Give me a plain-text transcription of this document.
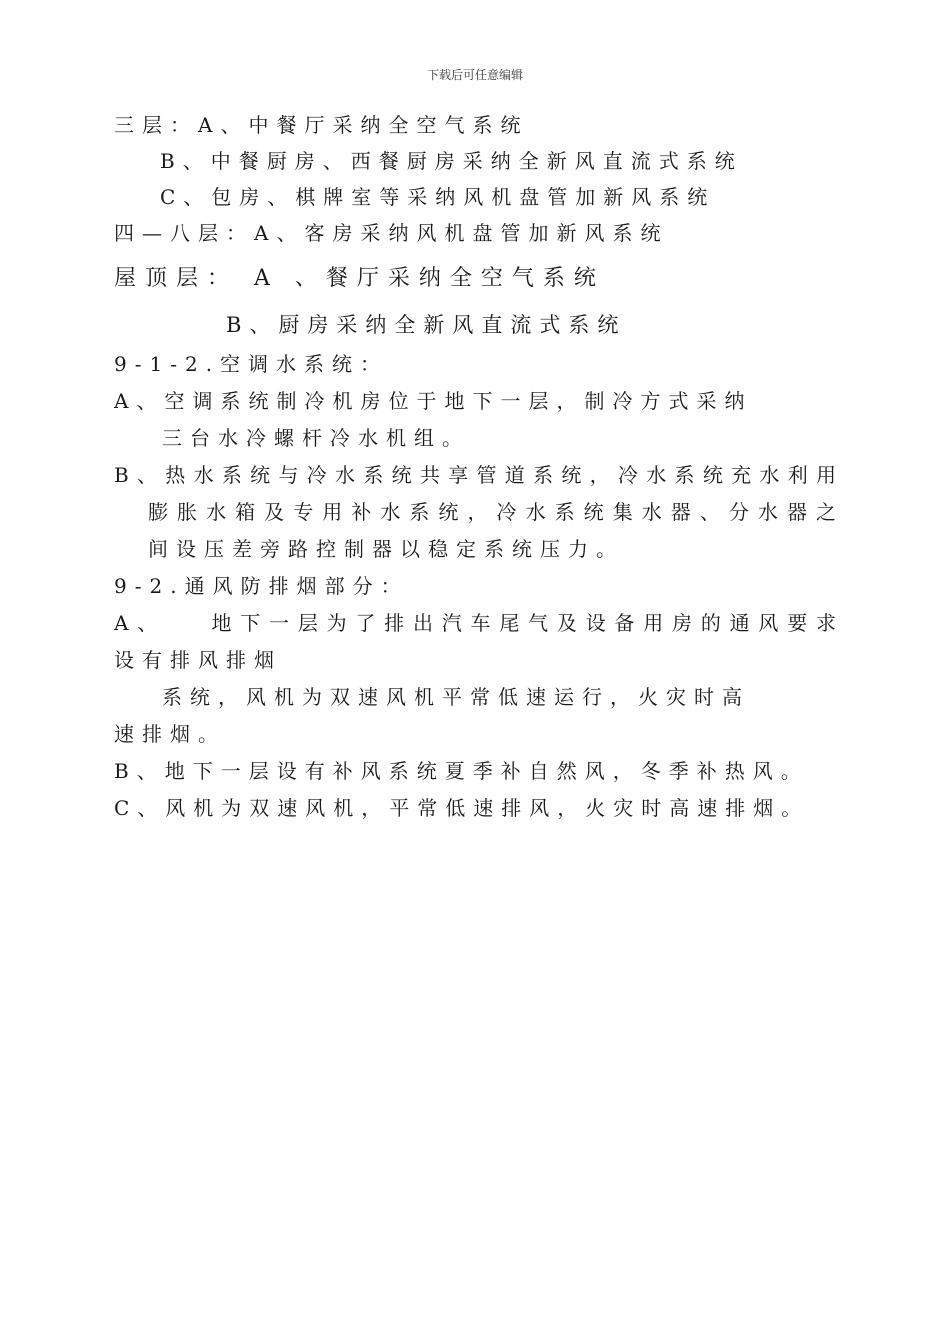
下载后可任意编辑

三层：A、中餐厅采纳全空气系统

B、中餐厨房、西餐厨房采纳全新风直流式系统

C、包房、棋牌室等采纳风机盘管加新风系统

四—八层：A、客房采纳风机盘管加新风系统

屋顶层： A 、餐厅采纳全空气系统

B、厨房采纳全新风直流式系统

9-1-2.空调水系统：

A、空调系统制冷机房位于地下一层，制冷方式采纳

三台水冷螺杆冷水机组。

B、热水系统与冷水系统共享管道系统，冷水系统充水利用膨胀水箱及专用补水系统，冷水系统集水器、分水器之间设压差旁路控制器以稳定系统压力。

9-2.通风防排烟部分：

A、   地下一层为了排出汽车尾气及设备用房的通风要求设有排风排烟

系统，风机为双速风机平常低速运行，火灾时高

速排烟。

B、地下一层设有补风系统夏季补自然风，冬季补热风。

C、风机为双速风机，平常低速排风，火灾时高速排烟。
